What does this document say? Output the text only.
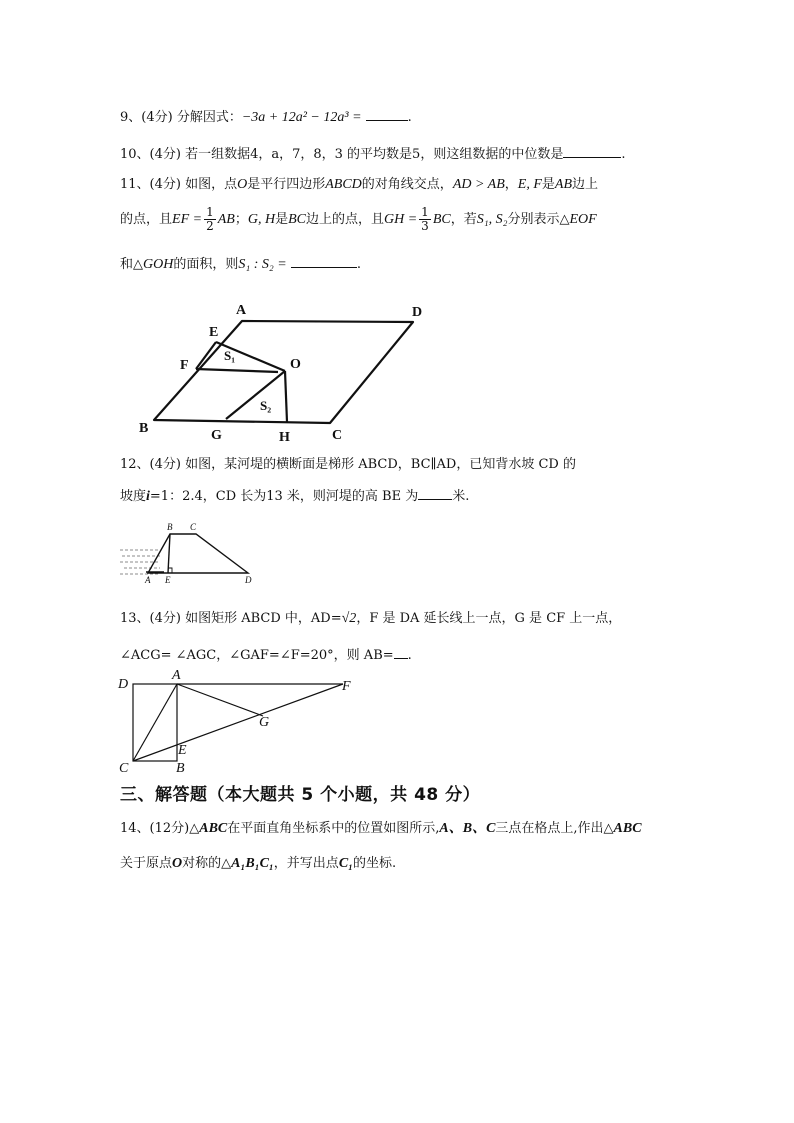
9、(4分) 分解因式：−3a + 12a² − 12a³ =	.
10、(4分) 若一组数据4，a，7，8，3 的平均数是5，则这组数据的中位数是	.
11、(4分) 如图，点O是平行四边形ABCD的对角线交点，AD > AB，E, F是AB边上
的点，且EF = $\frac{1}{2}$ AB；G, H是BC边上的点，且GH = $\frac{1}{3}$ BC，若S₁, S₂分别表示△EOF
和△GOH的面积，则S₁ : S₂ =	.
A	D
E
F	O
S₁
S₂
B	G	H	C
12、(4分) 如图，某河堤的横断面是梯形 ABCD，BC∥AD，已知背水坡 CD 的
坡度i=1：2.4，CD 长为13 米，则河堤的高 BE 为	米.
B C
A E	D
13、(4分) 如图矩形 ABCD 中，AD=√2，F 是 DA 延长线上一点，G 是 CF 上一点，
∠ACG= ∠AGC，∠GAF=∠F=20°，则 AB= .
D
A
F
G
E
C	B
三、解答题（本大题共 5 个小题，共 48 分）
14、(12分)△ABC在平面直角坐标系中的位置如图所示,A、B、C三点在格点上,作出△ABC
关于原点O对称的△A₁B₁C₁，并写出点C₁的坐标.
